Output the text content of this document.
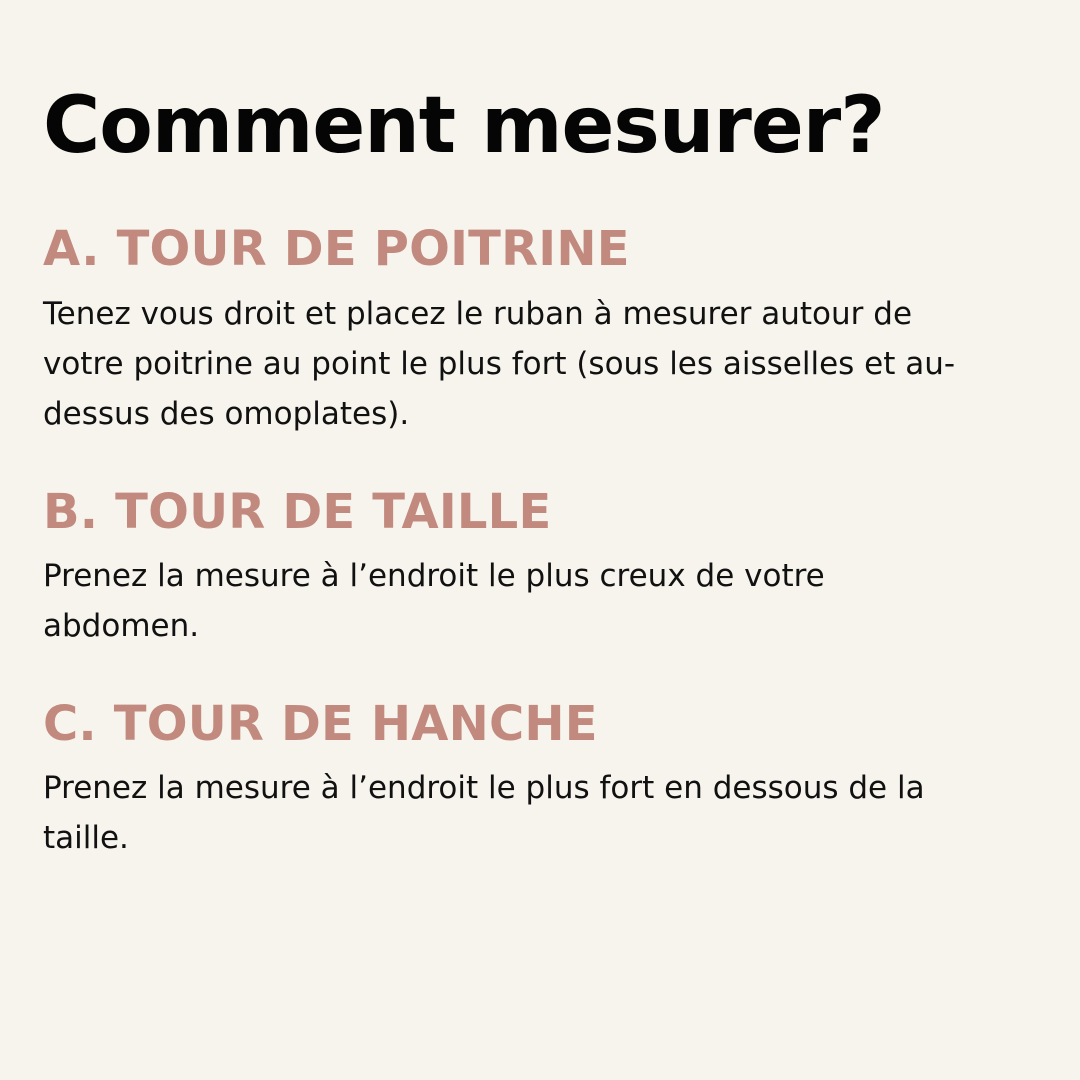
Comment mesurer?
A. TOUR DE POITRINE
Tenez vous droit et placez le ruban à mesurer autour de
votre poitrine au point le plus fort (sous les aisselles et au-
dessus des omoplates).
B. TOUR DE TAILLE
Prenez la mesure à l’endroit le plus creux de votre
abdomen.
C. TOUR DE HANCHE
Prenez la mesure à l’endroit le plus fort en dessous de la
taille.
